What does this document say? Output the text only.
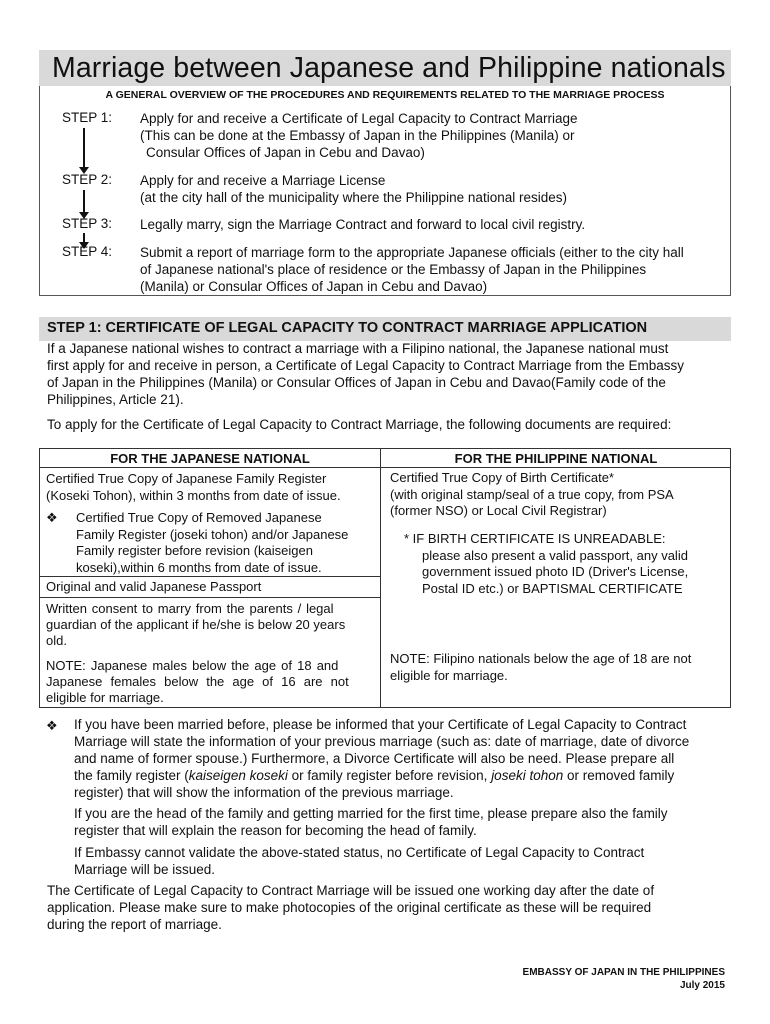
Marriage between Japanese and Philippine nationals
A GENERAL OVERVIEW OF THE PROCEDURES AND REQUIREMENTS RELATED TO THE MARRIAGE PROCESS
STEP 1: Apply for and receive a Certificate of Legal Capacity to Contract Marriage
(This can be done at the Embassy of Japan in the Philippines (Manila) or
Consular Offices of Japan in Cebu and Davao)
STEP 2: Apply for and receive a Marriage License
(at the city hall of the municipality where the Philippine national resides)
STEP 3: Legally marry, sign the Marriage Contract and forward to local civil registry.
STEP 4: Submit a report of marriage form to the appropriate Japanese officials (either to the city hall
of Japanese national's place of residence or the Embassy of Japan in the Philippines
(Manila) or Consular Offices of Japan in Cebu and Davao)
STEP 1: CERTIFICATE OF LEGAL CAPACITY TO CONTRACT MARRIAGE APPLICATION
If a Japanese national wishes to contract a marriage with a Filipino national, the Japanese national must
first apply for and receive in person, a Certificate of Legal Capacity to Contract Marriage from the Embassy
of Japan in the Philippines (Manila) or Consular Offices of Japan in Cebu and Davao(Family code of the
Philippines, Article 21).
To apply for the Certificate of Legal Capacity to Contract Marriage, the following documents are required:
FOR THE JAPANESE NATIONAL	FOR THE PHILIPPINE NATIONAL
Certified True Copy of Japanese Family Register
(Koseki Tohon), within 3 months from date of issue.
❖ Certified True Copy of Removed Japanese
Family Register (joseki tohon) and/or Japanese
Family register before revision (kaiseigen
koseki),within 6 months from date of issue.
Original and valid Japanese Passport
Written consent to marry from the parents / legal
guardian of the applicant if he/she is below 20 years
old.
NOTE: Japanese males below the age of 18 and
Japanese females below the age of 16 are not
eligible for marriage.
Certified True Copy of Birth Certificate*
(with original stamp/seal of a true copy, from PSA
(former NSO) or Local Civil Registrar)
* IF BIRTH CERTIFICATE IS UNREADABLE:
please also present a valid passport, any valid
government issued photo ID (Driver's License,
Postal ID etc.) or BAPTISMAL CERTIFICATE
NOTE: Filipino nationals below the age of 18 are not
eligible for marriage.
❖ If you have been married before, please be informed that your Certificate of Legal Capacity to Contract
Marriage will state the information of your previous marriage (such as: date of marriage, date of divorce
and name of former spouse.) Furthermore, a Divorce Certificate will also be need. Please prepare all
the family register (kaiseigen koseki or family register before revision, joseki tohon or removed family
register) that will show the information of the previous marriage.
If you are the head of the family and getting married for the first time, please prepare also the family
register that will explain the reason for becoming the head of family.
If Embassy cannot validate the above-stated status, no Certificate of Legal Capacity to Contract
Marriage will be issued.
The Certificate of Legal Capacity to Contract Marriage will be issued one working day after the date of
application. Please make sure to make photocopies of the original certificate as these will be required
during the report of marriage.
EMBASSY OF JAPAN IN THE PHILIPPINES
July 2015
